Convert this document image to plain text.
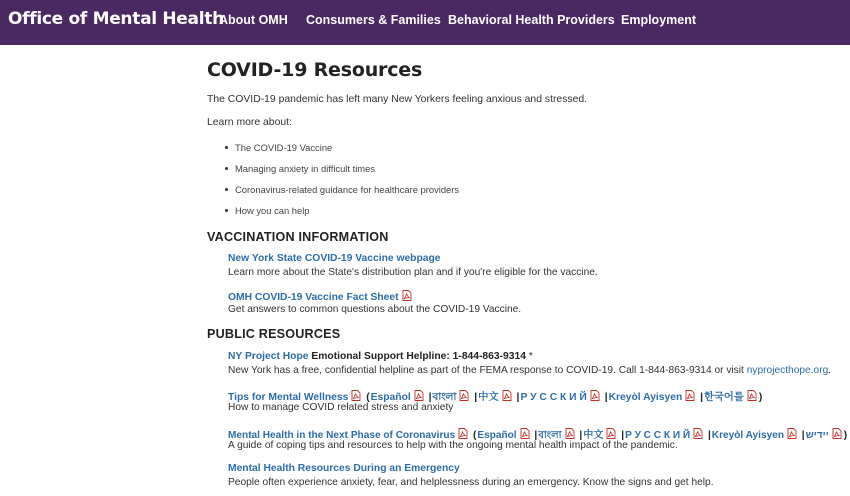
Office of Mental Health
About OMH Consumers & Families Behavioral Health Providers Employment
COVID-19 Resources
The COVID-19 pandemic has left many New Yorkers feeling anxious and stressed.
Learn more about:
The COVID-19 Vaccine
Managing anxiety in difficult times
Coronavirus-related guidance for healthcare providers
How you can help
VACCINATION INFORMATION
New York State COVID-19 Vaccine webpage
Learn more about the State's distribution plan and if you're eligible for the vaccine.
OMH COVID-19 Vaccine Fact Sheet
Get answers to common questions about the COVID-19 Vaccine.
PUBLIC RESOURCES
NY Project Hope Emotional Support Helpline: 1-844-863-9314 *
New York has a free, confidential helpline as part of the FEMA response to COVID-19. Call 1-844-863-9314 or visit nyprojecthope.org.
Tips for Mental Wellness (Español |বাংলা |中文 |Р У С С К И Й |Kreyòl Ayisyen |한국어를 )
How to manage COVID related stress and anxiety
Mental Health in the Next Phase of Coronavirus (Español |বাংলা |中文 |Р У С С К И Й |Kreyòl Ayisyen |יידיש )
A guide of coping tips and resources to help with the ongoing mental health impact of the pandemic.
Mental Health Resources During an Emergency
People often experience anxiety, fear, and helplessness during an emergency. Know the signs and get help.
